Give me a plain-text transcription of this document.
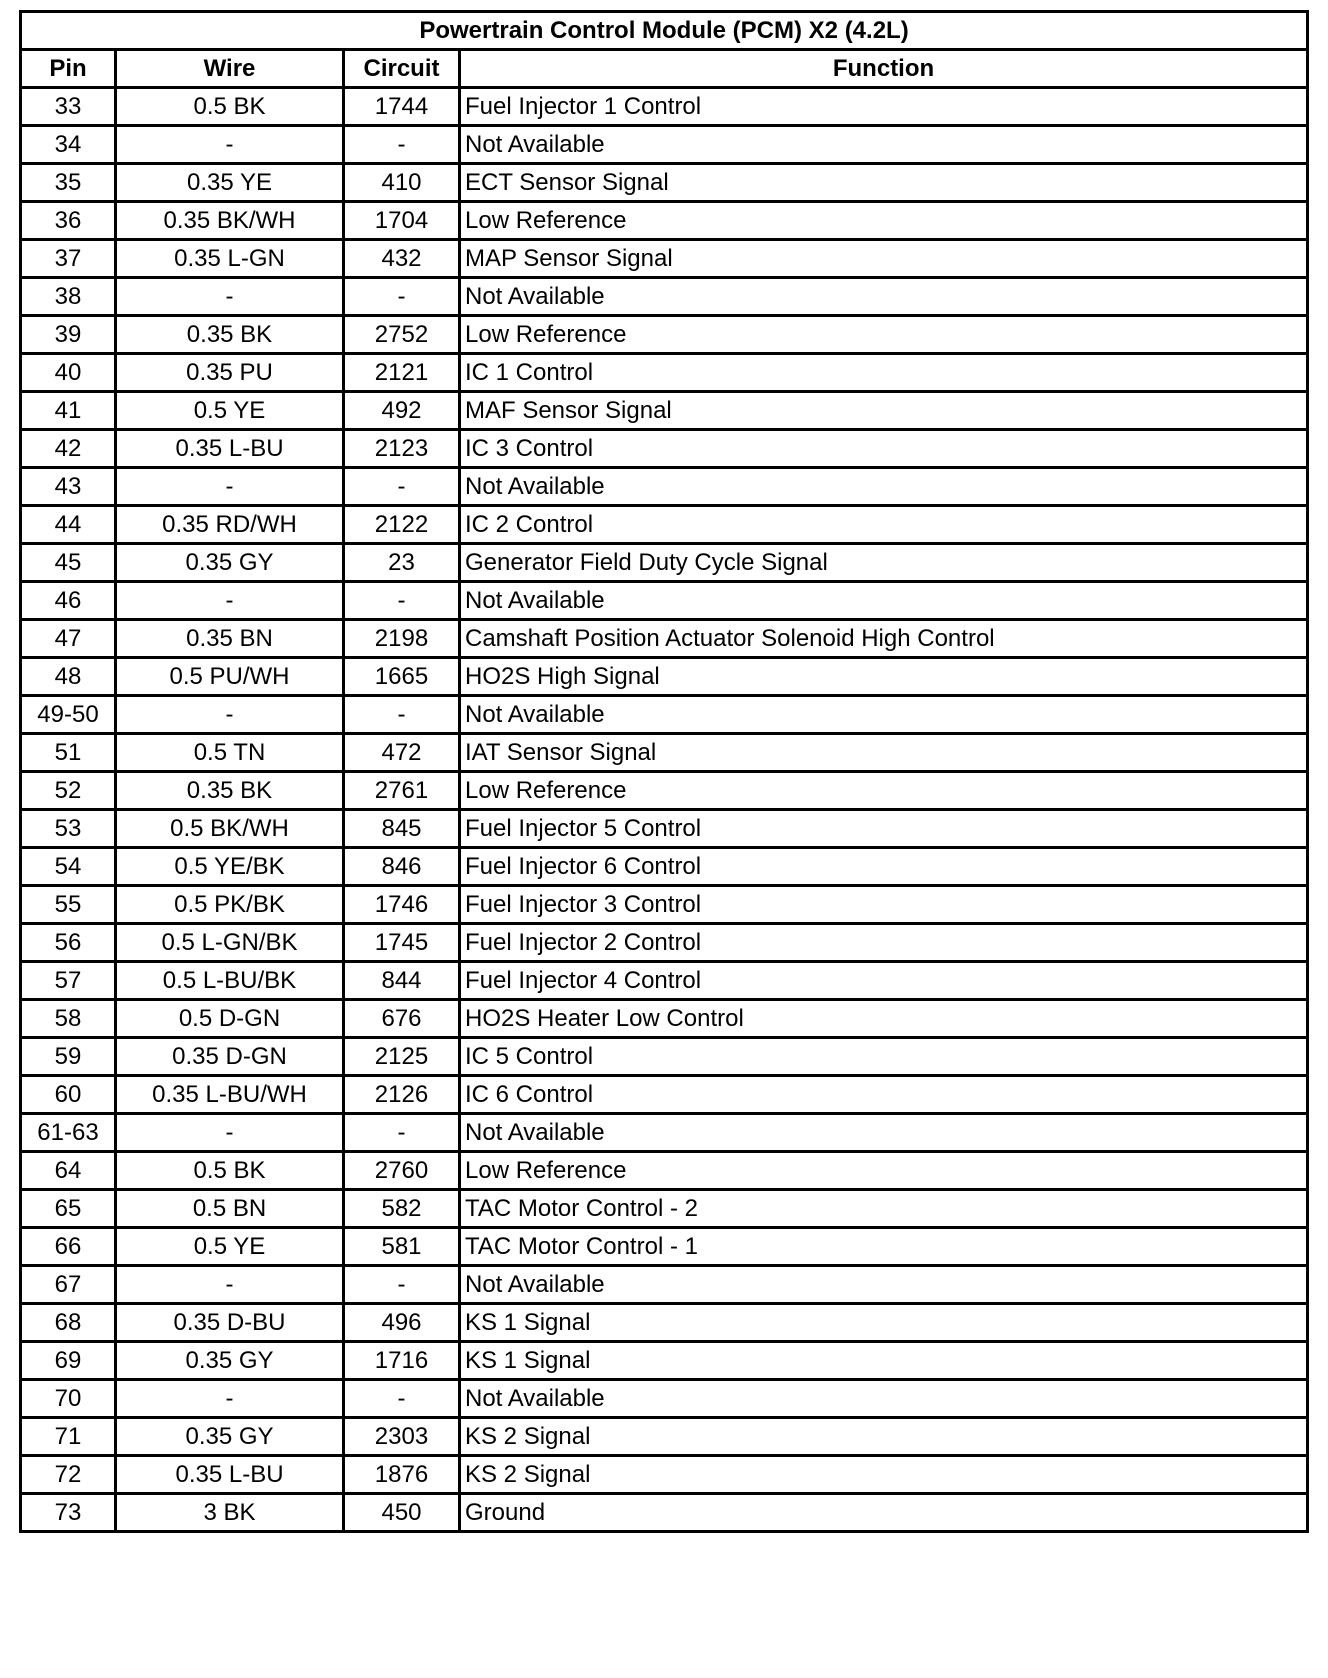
Powertrain Control Module (PCM) X2 (4.2L)			
Pin	Wire	Circuit	Function
33	0.5 BK	1744	Fuel Injector 1 Control
34	-	-	Not Available
35	0.35 YE	410	ECT Sensor Signal
36	0.35 BK/WH	1704	Low Reference
37	0.35 L-GN	432	MAP Sensor Signal
38	-	-	Not Available
39	0.35 BK	2752	Low Reference
40	0.35 PU	2121	IC 1 Control
41	0.5 YE	492	MAF Sensor Signal
42	0.35 L-BU	2123	IC 3 Control
43	-	-	Not Available
44	0.35 RD/WH	2122	IC 2 Control
45	0.35 GY	23	Generator Field Duty Cycle Signal
46	-	-	Not Available
47	0.35 BN	2198	Camshaft Position Actuator Solenoid High Control
48	0.5 PU/WH	1665	HO2S High Signal
49-50	-	-	Not Available
51	0.5 TN	472	IAT Sensor Signal
52	0.35 BK	2761	Low Reference
53	0.5 BK/WH	845	Fuel Injector 5 Control
54	0.5 YE/BK	846	Fuel Injector 6 Control
55	0.5 PK/BK	1746	Fuel Injector 3 Control
56	0.5 L-GN/BK	1745	Fuel Injector 2 Control
57	0.5 L-BU/BK	844	Fuel Injector 4 Control
58	0.5 D-GN	676	HO2S Heater Low Control
59	0.35 D-GN	2125	IC 5 Control
60	0.35 L-BU/WH	2126	IC 6 Control
61-63	-	-	Not Available
64	0.5 BK	2760	Low Reference
65	0.5 BN	582	TAC Motor Control - 2
66	0.5 YE	581	TAC Motor Control - 1
67	-	-	Not Available
68	0.35 D-BU	496	KS 1 Signal
69	0.35 GY	1716	KS 1 Signal
70	-	-	Not Available
71	0.35 GY	2303	KS 2 Signal
72	0.35 L-BU	1876	KS 2 Signal
73	3 BK	450	Ground
